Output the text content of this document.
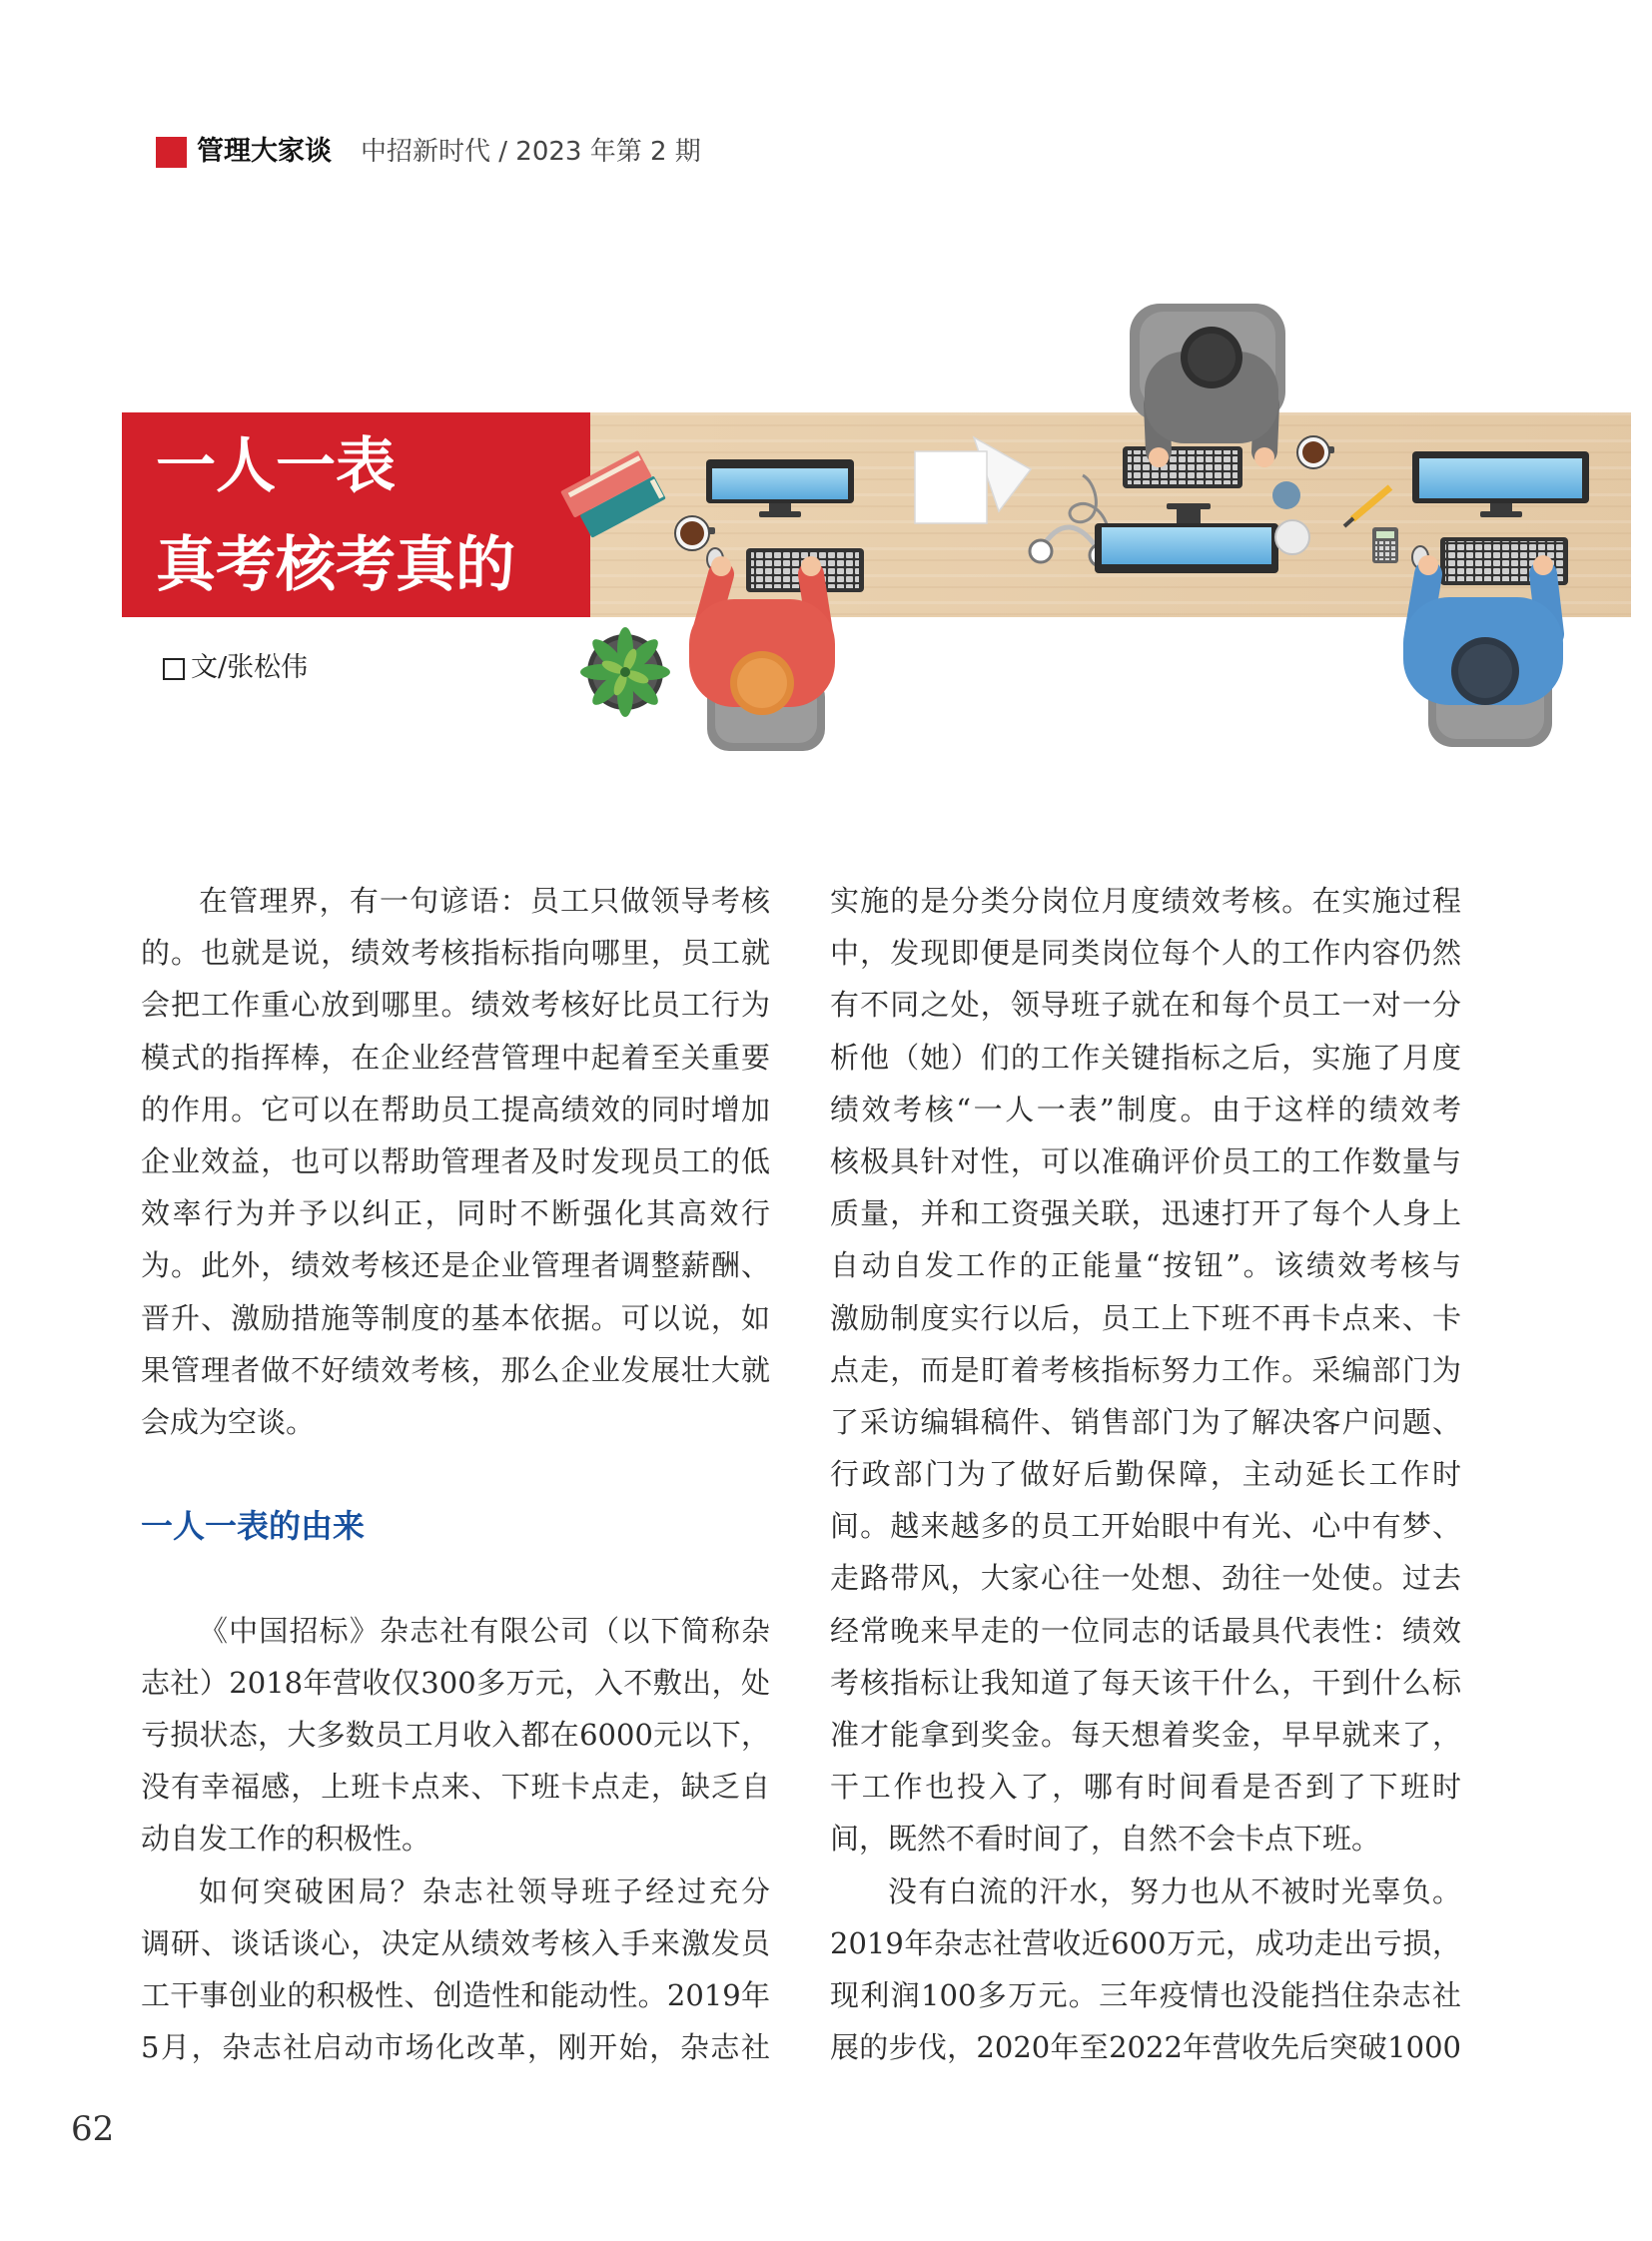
管理大家谈 中招新时代 / 2023 年第 2 期
一人一表
真考核考真的
文/张松伟
在管理界，有一句谚语：员工只做领导考核
的。也就是说，绩效考核指标指向哪里，员工就
会把工作重心放到哪里。绩效考核好比员工行为
模式的指挥棒，在企业经营管理中起着至关重要
的作用。它可以在帮助员工提高绩效的同时增加
企业效益，也可以帮助管理者及时发现员工的低
效率行为并予以纠正，同时不断强化其高效行
为。此外，绩效考核还是企业管理者调整薪酬、
晋升、激励措施等制度的基本依据。可以说，如
果管理者做不好绩效考核，那么企业发展壮大就
会成为空谈。
一人一表的由来
《中国招标》杂志社有限公司（以下简称杂
志社）2018年营收仅300多万元，入不敷出，处
亏损状态，大多数员工月收入都在6000元以下，
没有幸福感，上班卡点来、下班卡点走，缺乏自
动自发工作的积极性。
如何突破困局？杂志社领导班子经过充分
调研、谈话谈心，决定从绩效考核入手来激发员
工干事创业的积极性、创造性和能动性。2019年
5月，杂志社启动市场化改革，刚开始，杂志社
实施的是分类分岗位月度绩效考核。在实施过程
中，发现即便是同类岗位每个人的工作内容仍然
有不同之处，领导班子就在和每个员工一对一分
析他（她）们的工作关键指标之后，实施了月度
绩效考核“一人一表”制度。由于这样的绩效考
核极具针对性，可以准确评价员工的工作数量与
质量，并和工资强关联，迅速打开了每个人身上
自动自发工作的正能量“按钮”。该绩效考核与
激励制度实行以后，员工上下班不再卡点来、卡
点走，而是盯着考核指标努力工作。采编部门为
了采访编辑稿件、销售部门为了解决客户问题、
行政部门为了做好后勤保障，主动延长工作时
间。越来越多的员工开始眼中有光、心中有梦、
走路带风，大家心往一处想、劲往一处使。过去
经常晚来早走的一位同志的话最具代表性：绩效
考核指标让我知道了每天该干什么，干到什么标
准才能拿到奖金。每天想着奖金，早早就来了，
干工作也投入了，哪有时间看是否到了下班时
间，既然不看时间了，自然不会卡点下班。
没有白流的汗水，努力也从不被时光辜负。
2019年杂志社营收近600万元，成功走出亏损，
现利润100多万元。三年疫情也没能挡住杂志社
展的步伐，2020年至2022年营收先后突破1000
62
